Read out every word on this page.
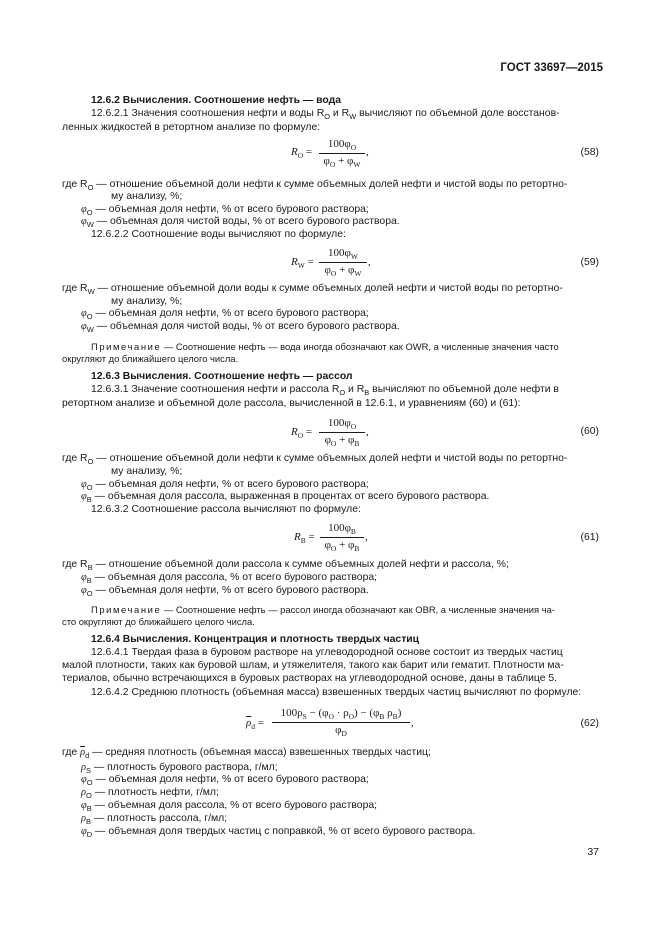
ГОСТ 33697—2015
12.6.2 Вычисления. Соотношение нефть — вода
12.6.2.1 Значения соотношения нефти и воды $R_O$ и $R_W$ вычисляют по объемной доле восстанов-
ленных жидкостей в ретортном анализе по формуле:
$R_O$ =
$100\varphi_O$
$\varphi_O + \varphi_W$
,	(58)
где $R_O$ — отношение объемной доли нефти к сумме объемных долей нефти и чистой воды по ретортно-
му анализу, %;
$\varphi_O$ — объемная доля нефти, % от всего бурового раствора;
$\varphi_W$ — объемная доля чистой воды, % от всего бурового раствора.
12.6.2.2 Соотношение воды вычисляют по формуле:
$R_W$ =
$100\varphi_W$
$\varphi_O + \varphi_W$
,	(59)
где $R_W$ — отношение объемной доли воды к сумме объемных долей нефти и чистой воды по ретортно-
му анализу, %;
$\varphi_O$ — объемная доля нефти, % от всего бурового раствора;
$\varphi_W$ — объемная доля чистой воды, % от всего бурового раствора.
Примечание — Соотношение нефть — вода иногда обозначают как OWR, а численные значения часто
округляют до ближайшего целого числа.
12.6.3 Вычисления. Соотношение нефть — рассол
12.6.3.1 Значение соотношения нефти и рассола $R_O$ и $R_B$ вычисляют по объемной доле нефти в
ретортном анализе и объемной доле рассола, вычисленной в 12.6.1, и уравнениям (60) и (61):
$R_O$ =
$100\varphi_O$
$\varphi_O + \varphi_B$
,	(60)
где $R_O$ — отношение объемной доли нефти к сумме объемных долей нефти и чистой воды по ретортно-
му анализу, %;
$\varphi_O$ — объемная доля нефти, % от всего бурового раствора;
$\varphi_B$ — объемная доля рассола, выраженная в процентах от всего бурового раствора.
12.6.3.2 Соотношение рассола вычисляют по формуле:
$R_B$ =
$100\varphi_B$
$\varphi_O + \varphi_B$
,	(61)
где $R_B$ — отношение объемной доли рассола к сумме объемных долей нефти и рассола, %;
$\varphi_B$ — объемная доля рассола, % от всего бурового раствора;
$\varphi_O$ — объемная доля нефти, % от всего бурового раствора.
Примечание — Соотношение нефть — рассол иногда обозначают как OBR, а численные значения ча-
сто округляют до ближайшего целого числа.
12.6.4 Вычисления. Концентрация и плотность твердых частиц
12.6.4.1 Твердая фаза в буровом растворе на углеводородной основе состоит из твердых частиц
малой плотности, таких как буровой шлам, и утяжелителя, такого как барит или гематит. Плотности ма-
териалов, обычно встречающихся в буровых растворах на углеводородной основе, даны в таблице 5.
12.6.4.2 Среднюю плотность (объемная масса) взвешенных твердых частиц вычисляют по формуле:
$\overline{\rho}_d$ =
$100\rho_S - (\varphi_O \cdot \rho_O) - (\varphi_B$ $\rho_B$)
$\varphi_D$
,	(62)
где $\overline{\rho}_d$ — средняя плотность (объемная масса) взвешенных твердых частиц;
$\rho_S$ — плотность бурового раствора, г/мл;
$\varphi_O$ — объемная доля нефти, % от всего бурового раствора;
$\rho_O$ — плотность нефти, г/мл;
$\varphi_B$ — объемная доля рассола, % от всего бурового раствора;
$\rho_B$ — плотность рассола, г/мл;
$\varphi_D$ — объемная доля твердых частиц с поправкой, % от всего бурового раствора.
37
